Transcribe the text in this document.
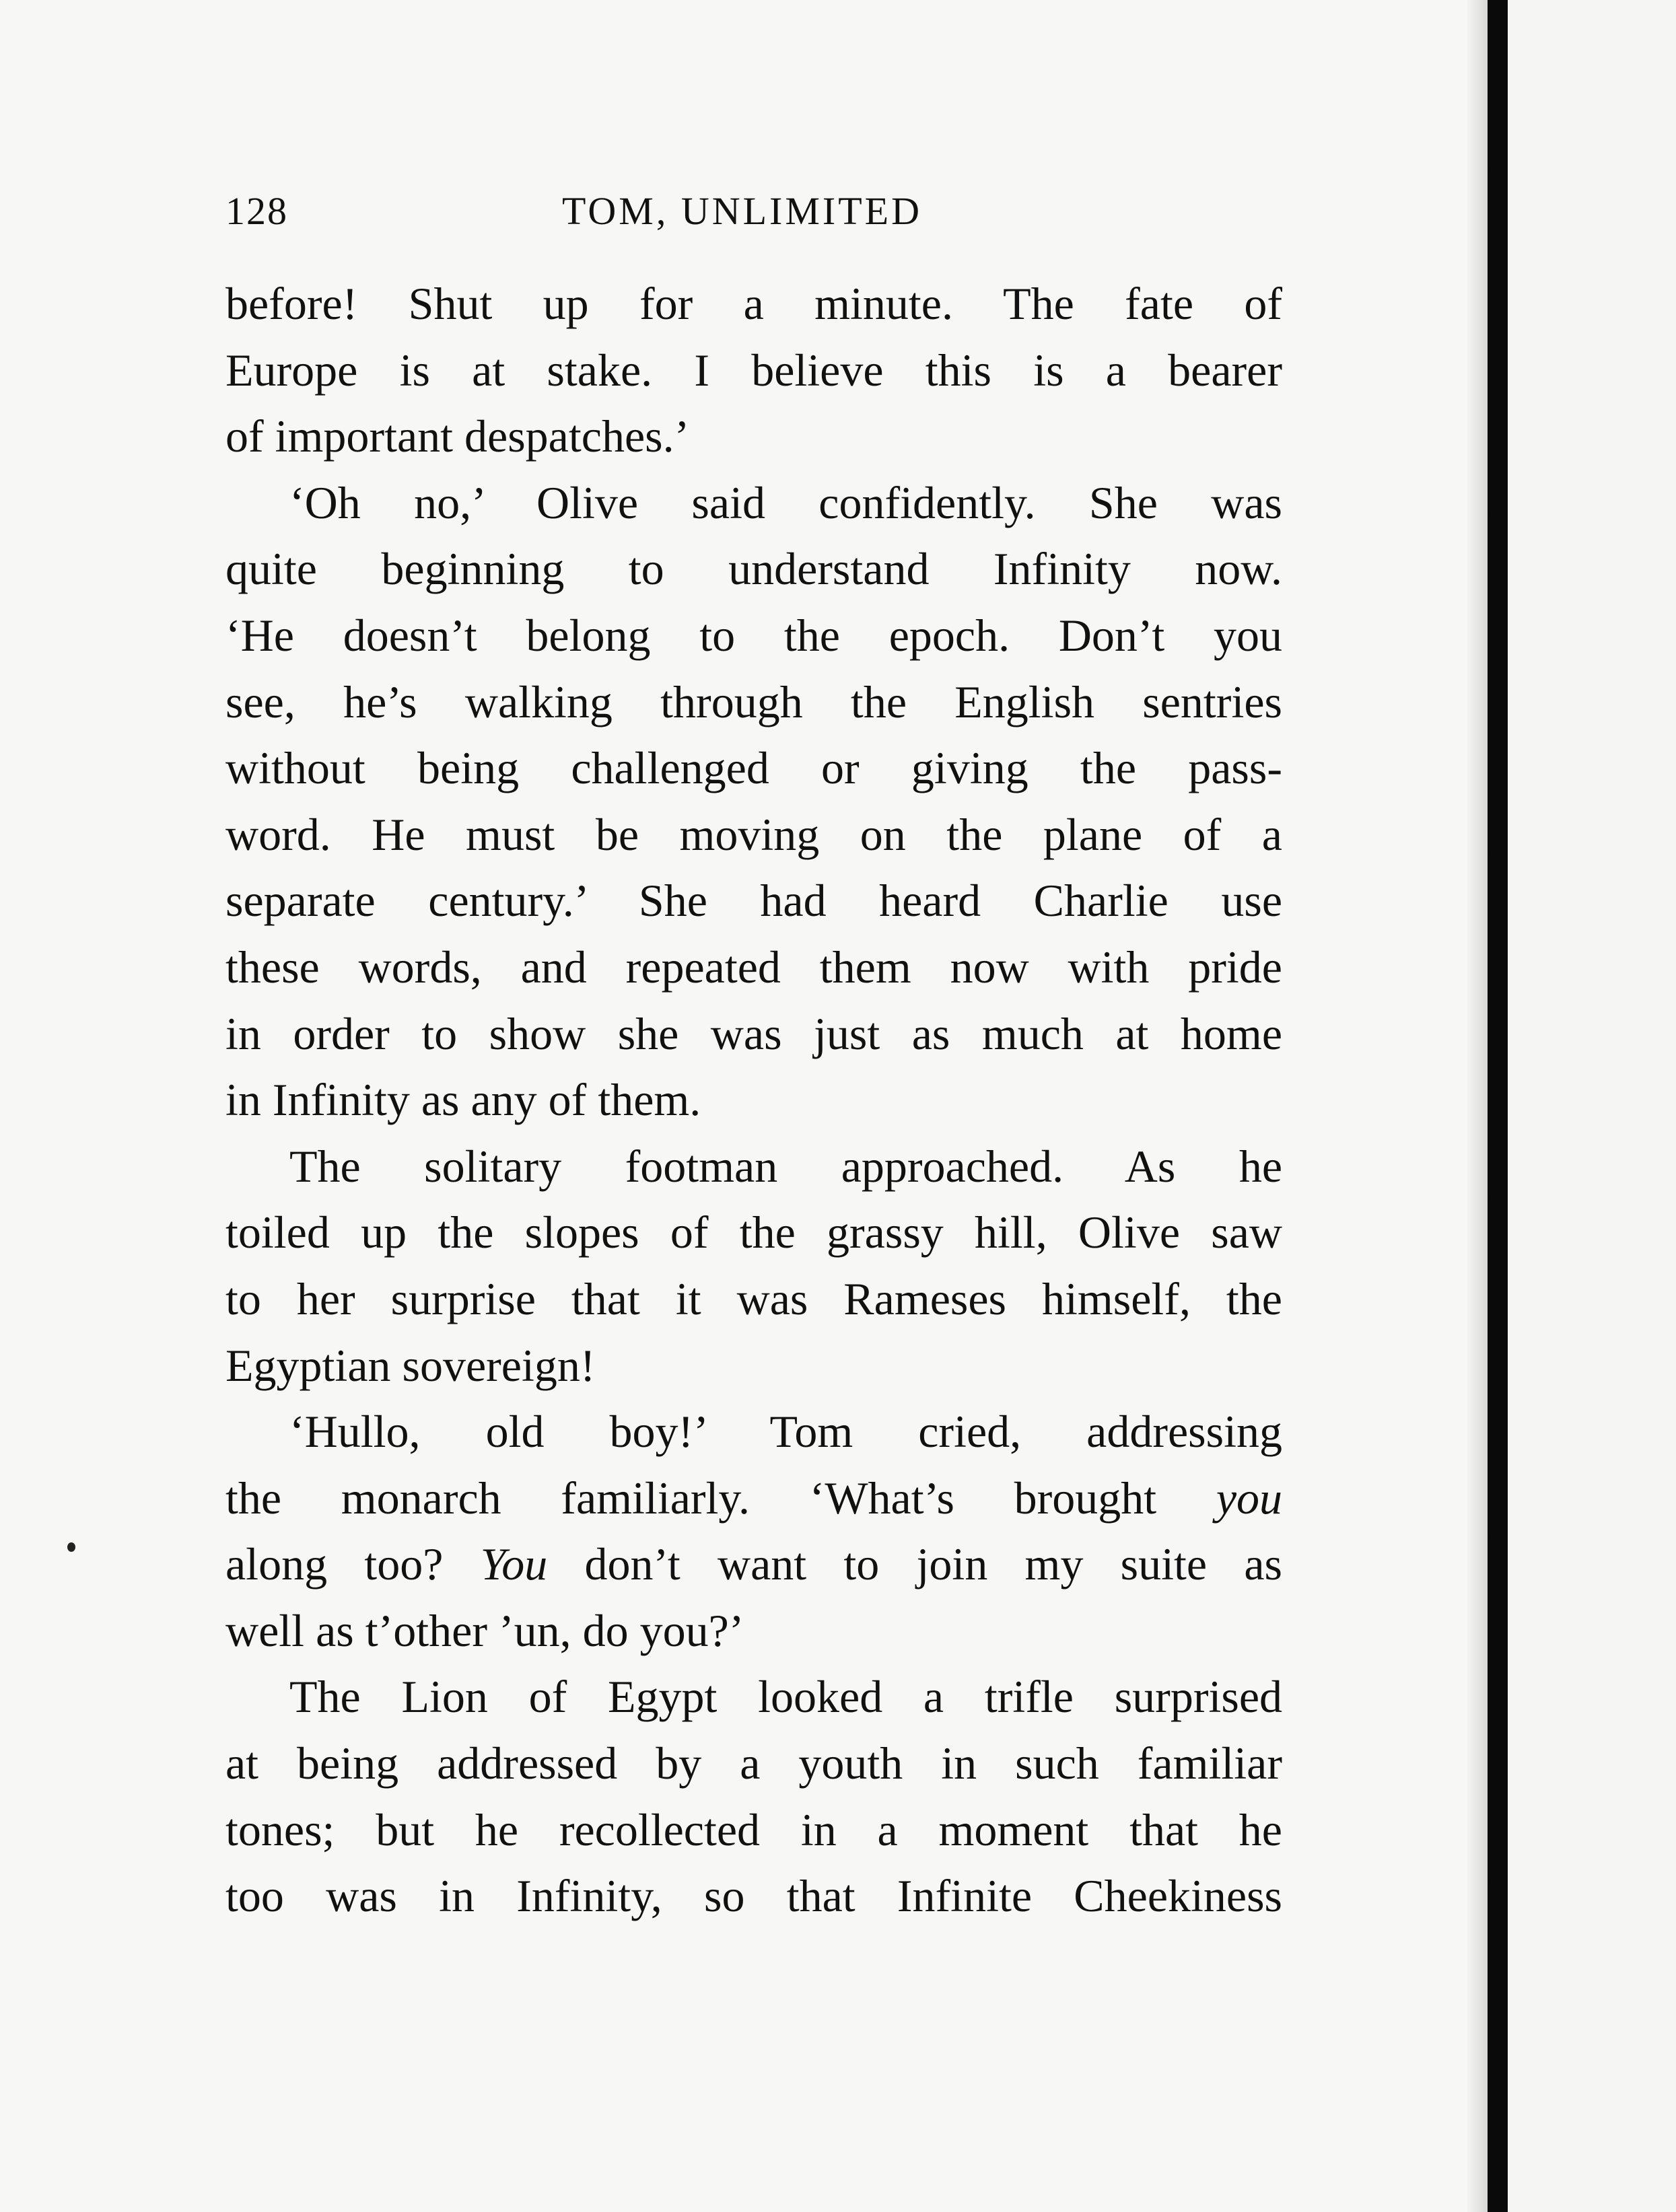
128	TOM, UNLIMITED
before! Shut up for a minute. The fate of
Europe is at stake. I believe this is a bearer
of important despatches.’
‘Oh no,’ Olive said confidently. She was
quite beginning to understand Infinity now.
‘He doesn’t belong to the epoch. Don’t you
see, he’s walking through the English sentries
without being challenged or giving the pass-
word. He must be moving on the plane of a
separate century.’ She had heard Charlie use
these words, and repeated them now with pride
in order to show she was just as much at home
in Infinity as any of them.
The solitary footman approached. As he
toiled up the slopes of the grassy hill, Olive saw
to her surprise that it was Rameses himself, the
Egyptian sovereign!
‘Hullo, old boy!’ Tom cried, addressing
the monarch familiarly. ‘What’s brought you
along too? You don’t want to join my suite as
well as t’other ’un, do you?’
The Lion of Egypt looked a trifle surprised
at being addressed by a youth in such familiar
tones; but he recollected in a moment that he
too was in Infinity, so that Infinite Cheekiness
